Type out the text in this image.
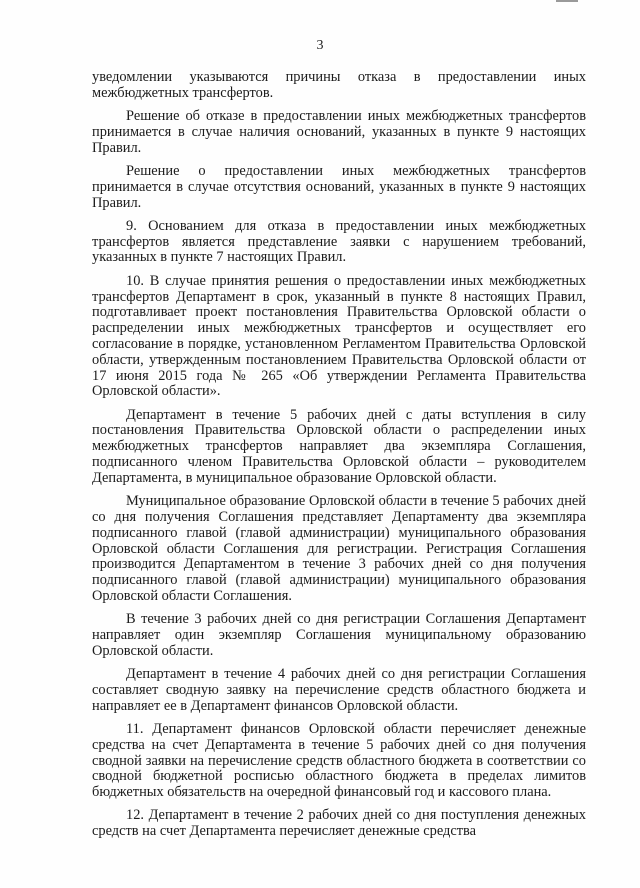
3

уведомлении указываются причины отказа в предоставлении иных межбюджетных трансфертов.

Решение об отказе в предоставлении иных межбюджетных трансфертов принимается в случае наличия оснований, указанных в пункте 9 настоящих Правил.

Решение о предоставлении иных межбюджетных трансфертов принимается в случае отсутствия оснований, указанных в пункте 9 настоящих Правил.

9. Основанием для отказа в предоставлении иных межбюджетных трансфертов является представление заявки с нарушением требований, указанных в пункте 7 настоящих Правил.

10. В случае принятия решения о предоставлении иных межбюджетных трансфертов Департамент в срок, указанный в пункте 8 настоящих Правил, подготавливает проект постановления Правительства Орловской области о распределении иных межбюджетных трансфертов и осуществляет его согласование в порядке, установленном Регламентом Правительства Орловской области, утвержденным постановлением Правительства Орловской области от 17 июня 2015 года № 265 «Об утверждении Регламента Правительства Орловской области».

Департамент в течение 5 рабочих дней с даты вступления в силу постановления Правительства Орловской области о распределении иных межбюджетных трансфертов направляет два экземпляра Соглашения, подписанного членом Правительства Орловской области – руководителем Департамента, в муниципальное образование Орловской области.

Муниципальное образование Орловской области в течение 5 рабочих дней со дня получения Соглашения представляет Департаменту два экземпляра подписанного главой (главой администрации) муниципального образования Орловской области Соглашения для регистрации. Регистрация Соглашения производится Департаментом в течение 3 рабочих дней со дня получения подписанного главой (главой администрации) муниципального образования Орловской области Соглашения.

В течение 3 рабочих дней со дня регистрации Соглашения Департамент направляет один экземпляр Соглашения муниципальному образованию Орловской области.

Департамент в течение 4 рабочих дней со дня регистрации Соглашения составляет сводную заявку на перечисление средств областного бюджета и направляет ее в Департамент финансов Орловской области.

11. Департамент финансов Орловской области перечисляет денежные средства на счет Департамента в течение 5 рабочих дней со дня получения сводной заявки на перечисление средств областного бюджета в соответствии со сводной бюджетной росписью областного бюджета в пределах лимитов бюджетных обязательств на очередной финансовый год и кассового плана.

12. Департамент в течение 2 рабочих дней со дня поступления денежных средств на счет Департамента перечисляет денежные средства
